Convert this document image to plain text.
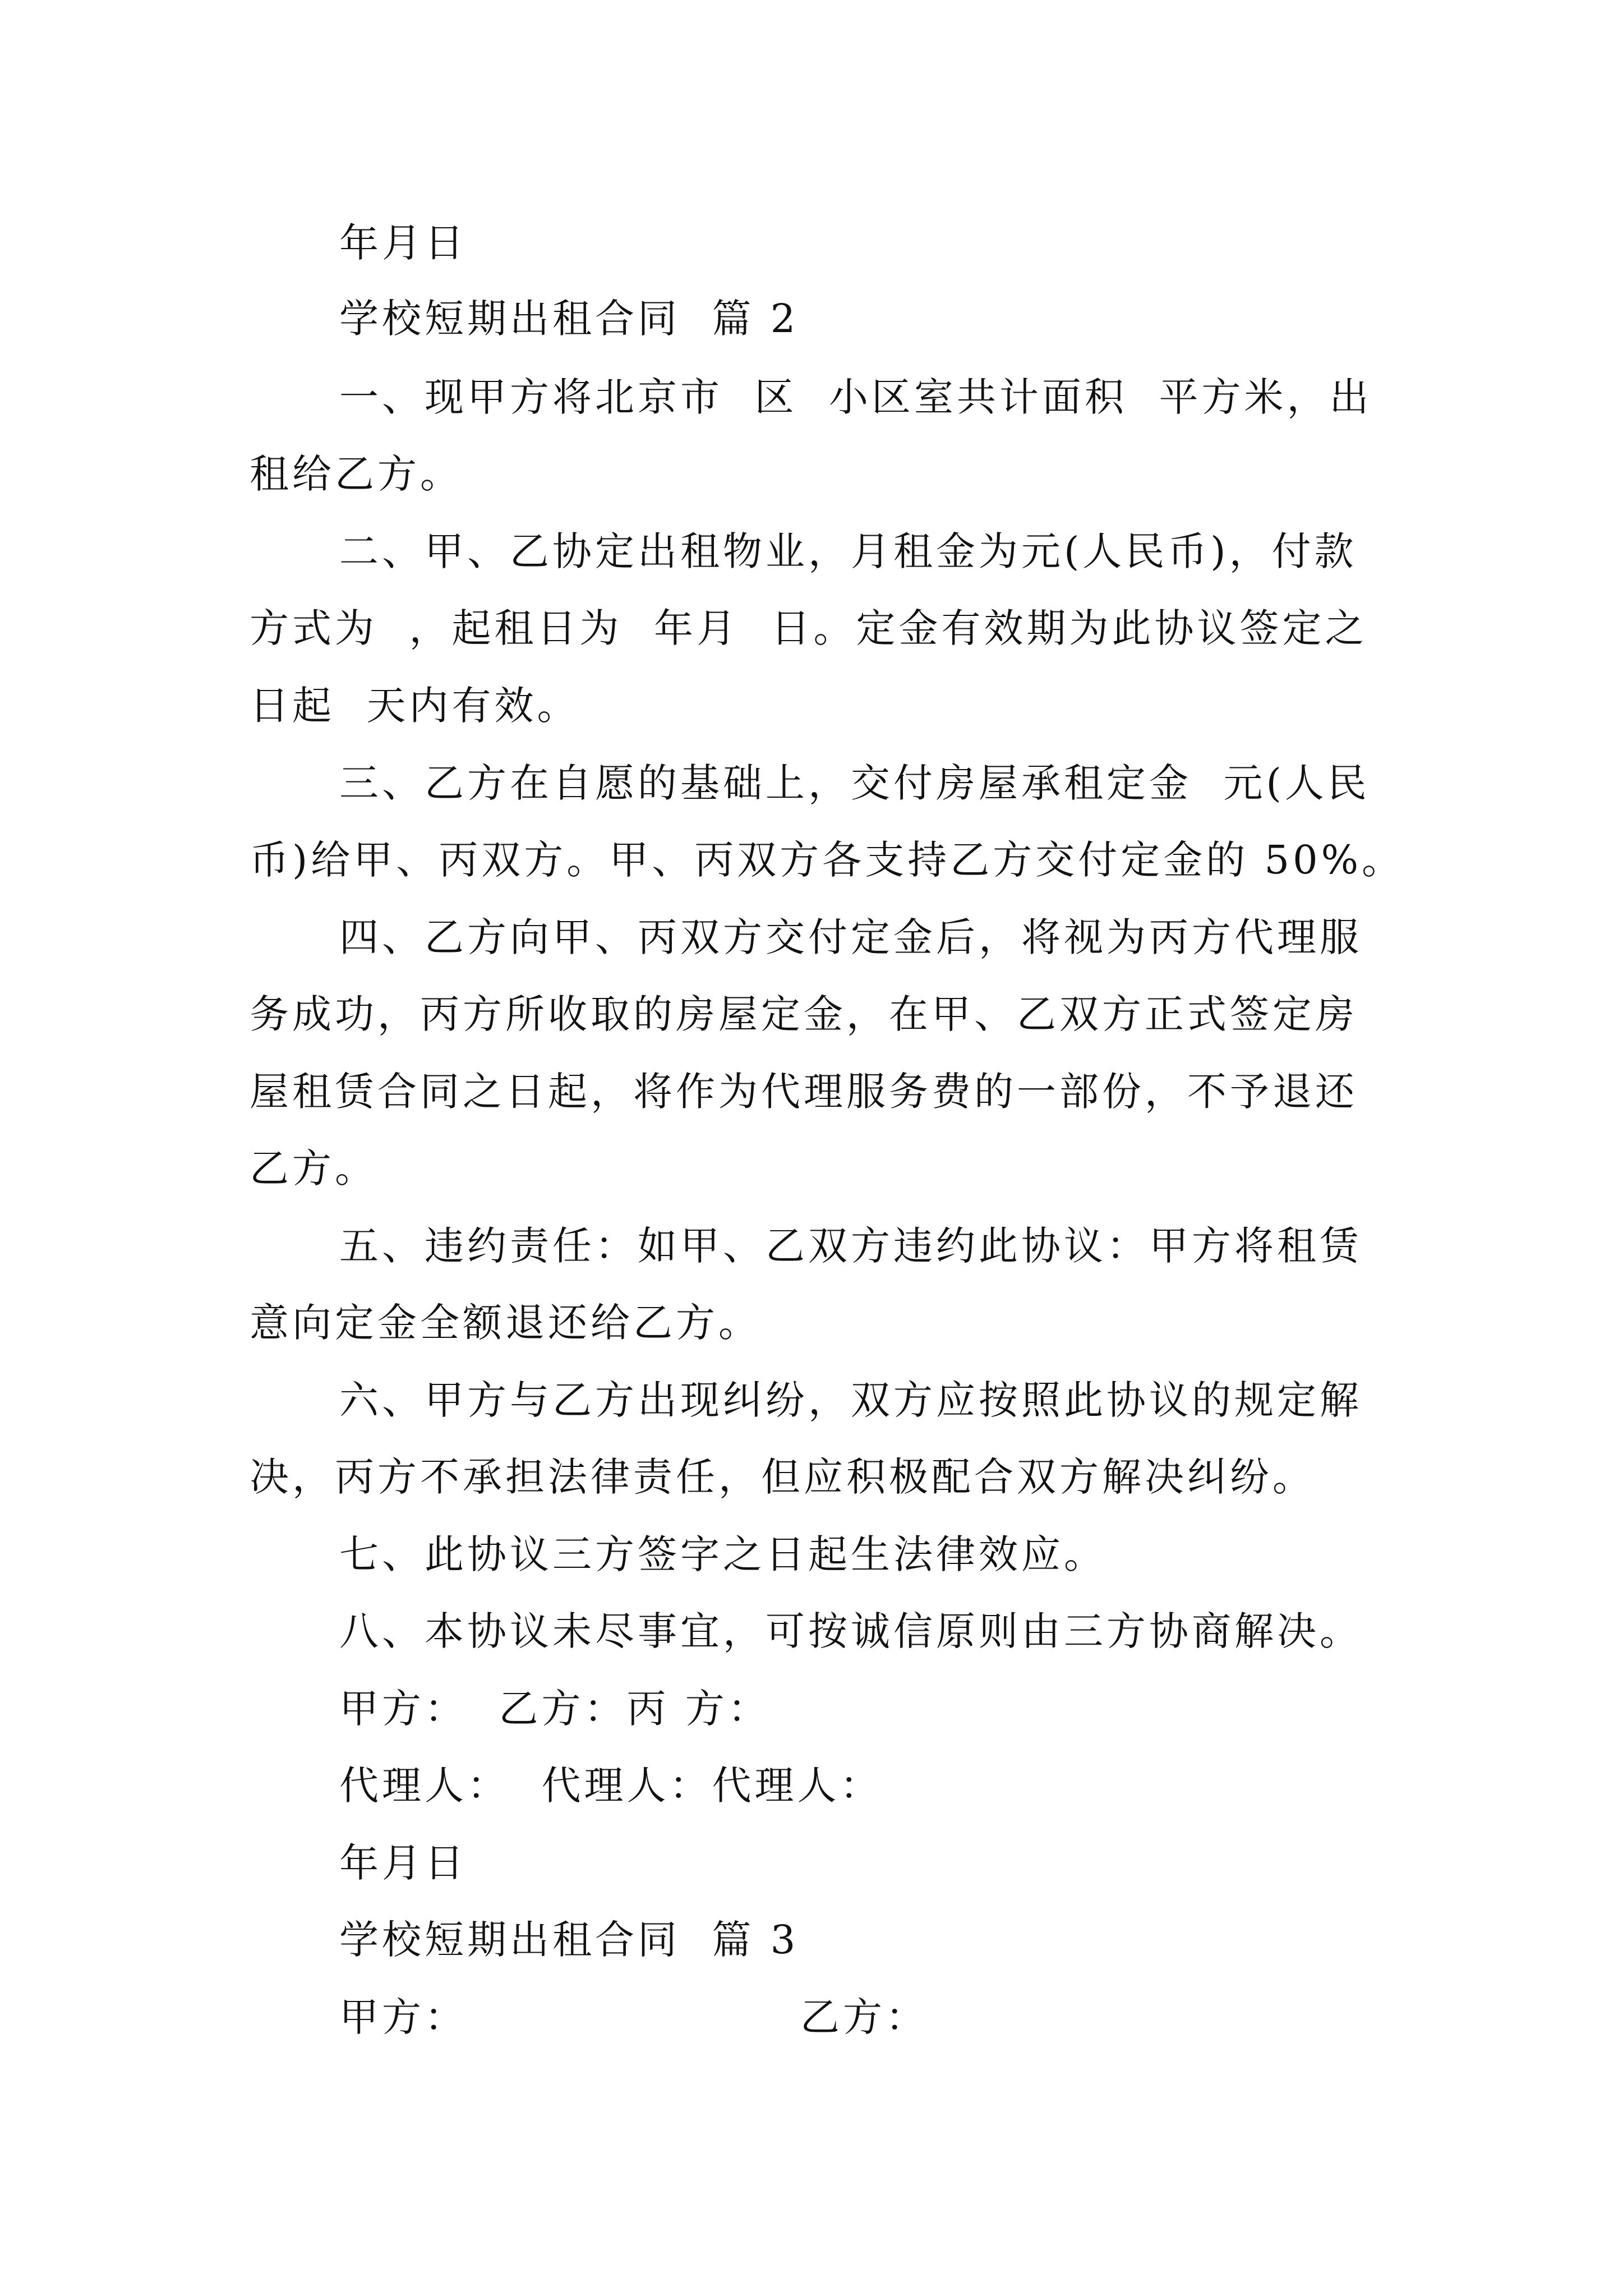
年月日
学校短期出租合同  篇 2
一、现甲方将北京市  区  小区室共计面积  平方米，出
租给乙方。
二、甲、乙协定出租物业，月租金为元(人民币)，付款
方式为  ，起租日为  年月  日。定金有效期为此协议签定之
日起  天内有效。
三、乙方在自愿的基础上，交付房屋承租定金  元(人民
币)给甲、丙双方。甲、丙双方各支持乙方交付定金的 50%。
四、乙方向甲、丙双方交付定金后，将视为丙方代理服
务成功，丙方所收取的房屋定金，在甲、乙双方正式签定房
屋租赁合同之日起，将作为代理服务费的一部份，不予退还
乙方。
五、违约责任：如甲、乙双方违约此协议：甲方将租赁
意向定金全额退还给乙方。
六、甲方与乙方出现纠纷，双方应按照此协议的规定解
决，丙方不承担法律责任，但应积极配合双方解决纠纷。
七、此协议三方签字之日起生法律效应。
八、本协议未尽事宜，可按诚信原则由三方协商解决。
甲方：  乙方：丙 方：
代理人：  代理人：代理人：
年月日
学校短期出租合同  篇 3
甲方：	乙方：
